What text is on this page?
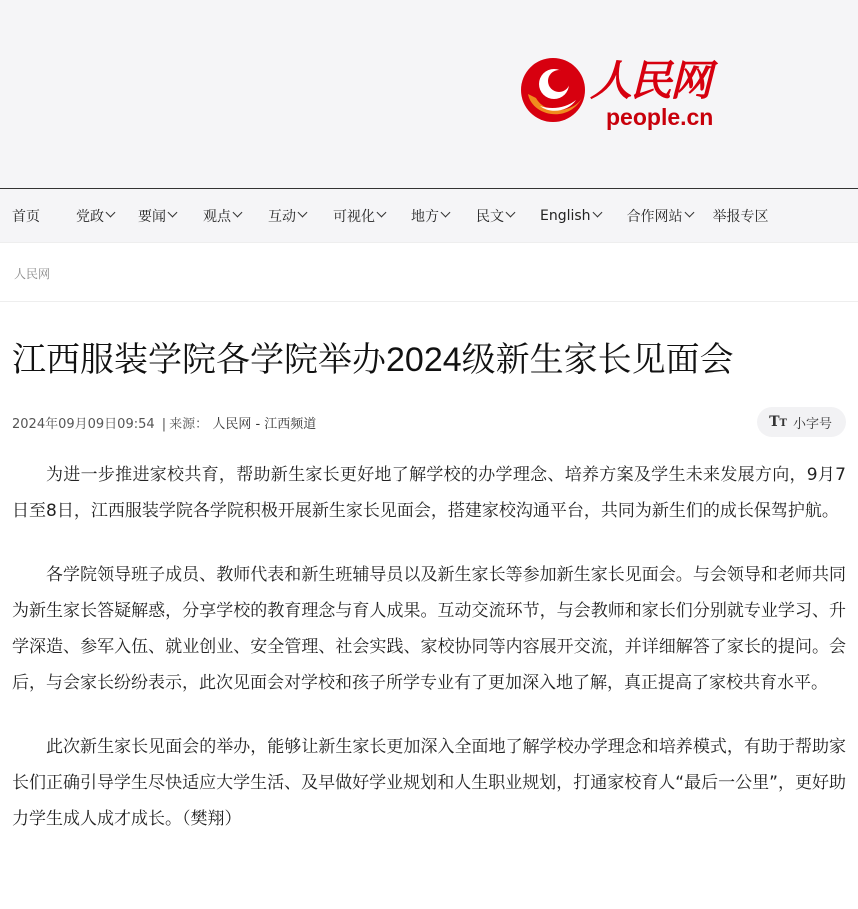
人民网
people.cn
首页	党政 要闻	观点	互动	可视化	地方	民文	English	合作网站 举报专区
人民网
江西服装学院各学院举办2024级新生家长见面会
2024年09月09日09:54 | 来源： 人民网 - 江西频道	TT 小字号

为进一步推进家校共育，帮助新生家长更好地了解学校的办学理念、培养方案及学生未来发展方向，9月7日至8日，江西服装学院各学院积极开展新生家长见面会，搭建家校沟通平台，共同为新生们的成长保驾护航。

各学院领导班子成员、教师代表和新生班辅导员以及新生家长等参加新生家长见面会。与会领导和老师共同为新生家长答疑解惑，分享学校的教育理念与育人成果。互动交流环节，与会教师和家长们分别就专业学习、升学深造、参军入伍、就业创业、安全管理、社会实践、家校协同等内容展开交流，并详细解答了家长的提问。会后，与会家长纷纷表示，此次见面会对学校和孩子所学专业有了更加深入地了解，真正提高了家校共育水平。

此次新生家长见面会的举办，能够让新生家长更加深入全面地了解学校办学理念和培养模式，有助于帮助家长们正确引导学生尽快适应大学生活、及早做好学业规划和人生职业规划，打通家校育人“最后一公里”，更好助力学生成人成才成长。（樊翔）
